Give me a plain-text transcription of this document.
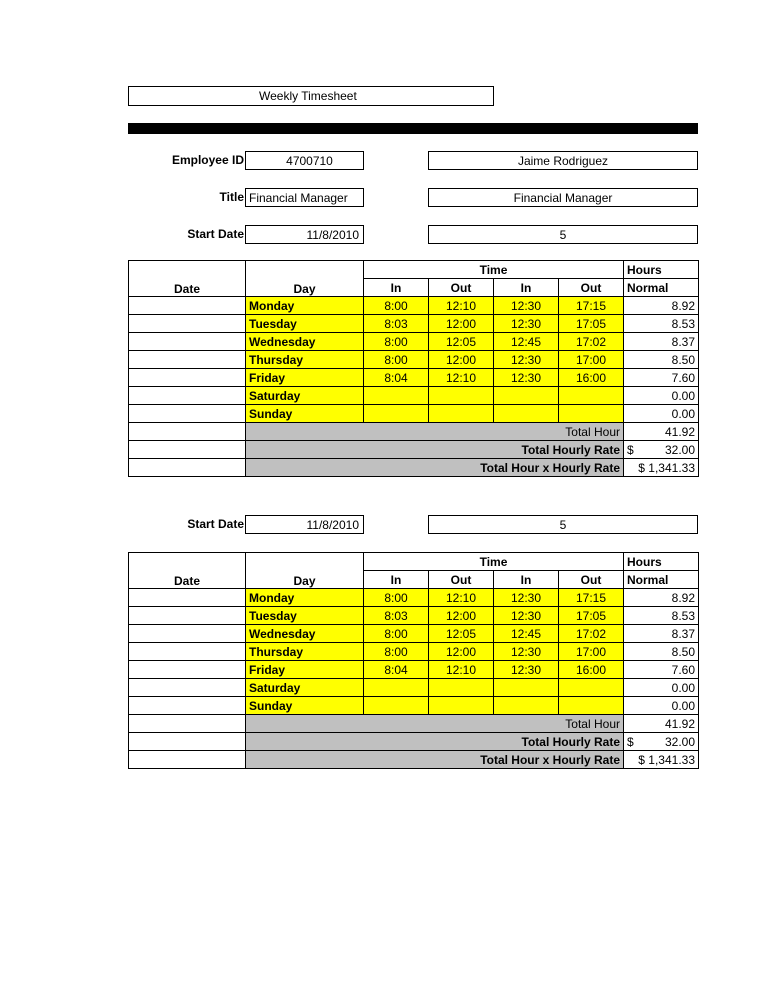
Weekly Timesheet
Employee ID	4700710	Jaime Rodriguez
Title Financial Manager	Financial Manager
Start Date	11/8/2010	5
Date	Day	Time				Hours
		In	Out	In	Out	Normal
	Monday	8:00	12:10	12:30	17:15	8.92
	Tuesday	8:03	12:00	12:30	17:05	8.53
	Wednesday	8:00	12:05	12:45	17:02	8.37
	Thursday	8:00	12:00	12:30	17:00	8.50
	Friday	8:04	12:10	12:30	16:00	7.60
	Saturday					0.00
	Sunday					0.00
	Total Hour					41.92
	Total Hourly Rate					$ 32.00

	Total Hour x Hourly Rate					$ 1,341.33
Start Date	11/8/2010	5
Date	Day	Time				Hours
		In	Out	In	Out	Normal
	Monday	8:00	12:10	12:30	17:15	8.92
	Tuesday	8:03	12:00	12:30	17:05	8.53
	Wednesday	8:00	12:05	12:45	17:02	8.37
	Thursday	8:00	12:00	12:30	17:00	8.50
	Friday	8:04	12:10	12:30	16:00	7.60
	Saturday					0.00
	Sunday					0.00
	Total Hour					41.92
	Total Hourly Rate					$ 32.00

	Total Hour x Hourly Rate					$ 1,341.33
